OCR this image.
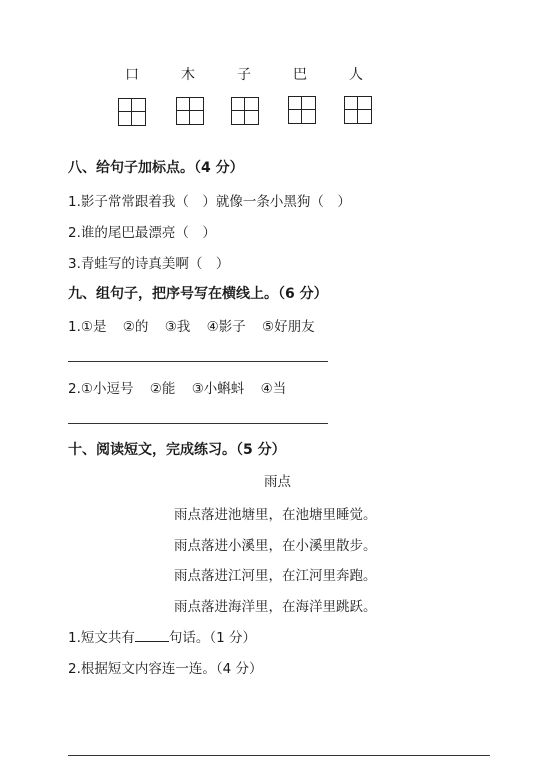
口	木	子	巴	人
八、给句子加标点。（4 分）
1.影子常常跟着我（　）就像一条小黑狗（　）
2.谁的尾巴最漂亮（　）
3.青蛙写的诗真美啊（　）
九、组句子，把序号写在横线上。（6 分）
1.①是 ②的 ③我 ④影子 ⑤好朋友
2.①小逗号 ②能 ③小蝌蚪 ④当
十、阅读短文，完成练习。（5 分）
雨点
雨点落进池塘里，在池塘里睡觉。
雨点落进小溪里，在小溪里散步。
雨点落进江河里，在江河里奔跑。
雨点落进海洋里，在海洋里跳跃。
1.短文共有	句话。（1 分）
2.根据短文内容连一连。（4 分）
